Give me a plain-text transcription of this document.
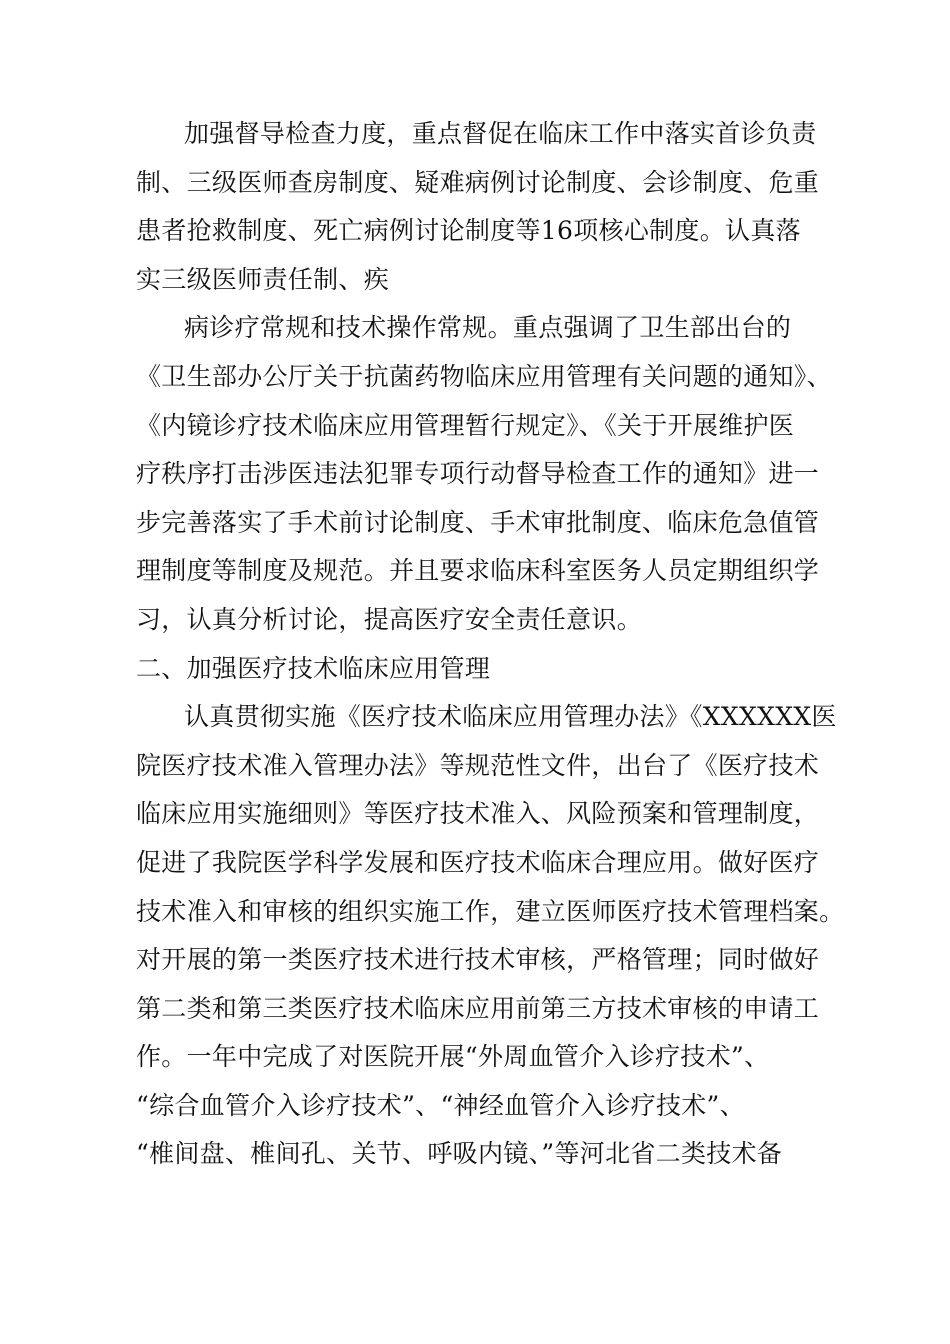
加强督导检查力度，重点督促在临床工作中落实首诊负责
制、三级医师查房制度、疑难病例讨论制度、会诊制度、危重
患者抢救制度、死亡病例讨论制度等16项核心制度。认真落
实三级医师责任制、疾
病诊疗常规和技术操作常规。重点强调了卫生部出台的
《卫生部办公厅关于抗菌药物临床应用管理有关问题的通知》、
《内镜诊疗技术临床应用管理暂行规定》、《关于开展维护医
疗秩序打击涉医违法犯罪专项行动督导检查工作的通知》进一
步完善落实了手术前讨论制度、手术审批制度、临床危急值管
理制度等制度及规范。并且要求临床科室医务人员定期组织学
习，认真分析讨论，提高医疗安全责任意识。
二、加强医疗技术临床应用管理
认真贯彻实施《医疗技术临床应用管理办法》《XXXXXX医
院医疗技术准入管理办法》等规范性文件，出台了《医疗技术
临床应用实施细则》等医疗技术准入、风险预案和管理制度，
促进了我院医学科学发展和医疗技术临床合理应用。做好医疗
技术准入和审核的组织实施工作，建立医师医疗技术管理档案。
对开展的第一类医疗技术进行技术审核，严格管理；同时做好
第二类和第三类医疗技术临床应用前第三方技术审核的申请工
作。一年中完成了对医院开展“外周血管介入诊疗技术”、
“综合血管介入诊疗技术”、“神经血管介入诊疗技术”、
“椎间盘、椎间孔、关节、呼吸内镜、”等河北省二类技术备
